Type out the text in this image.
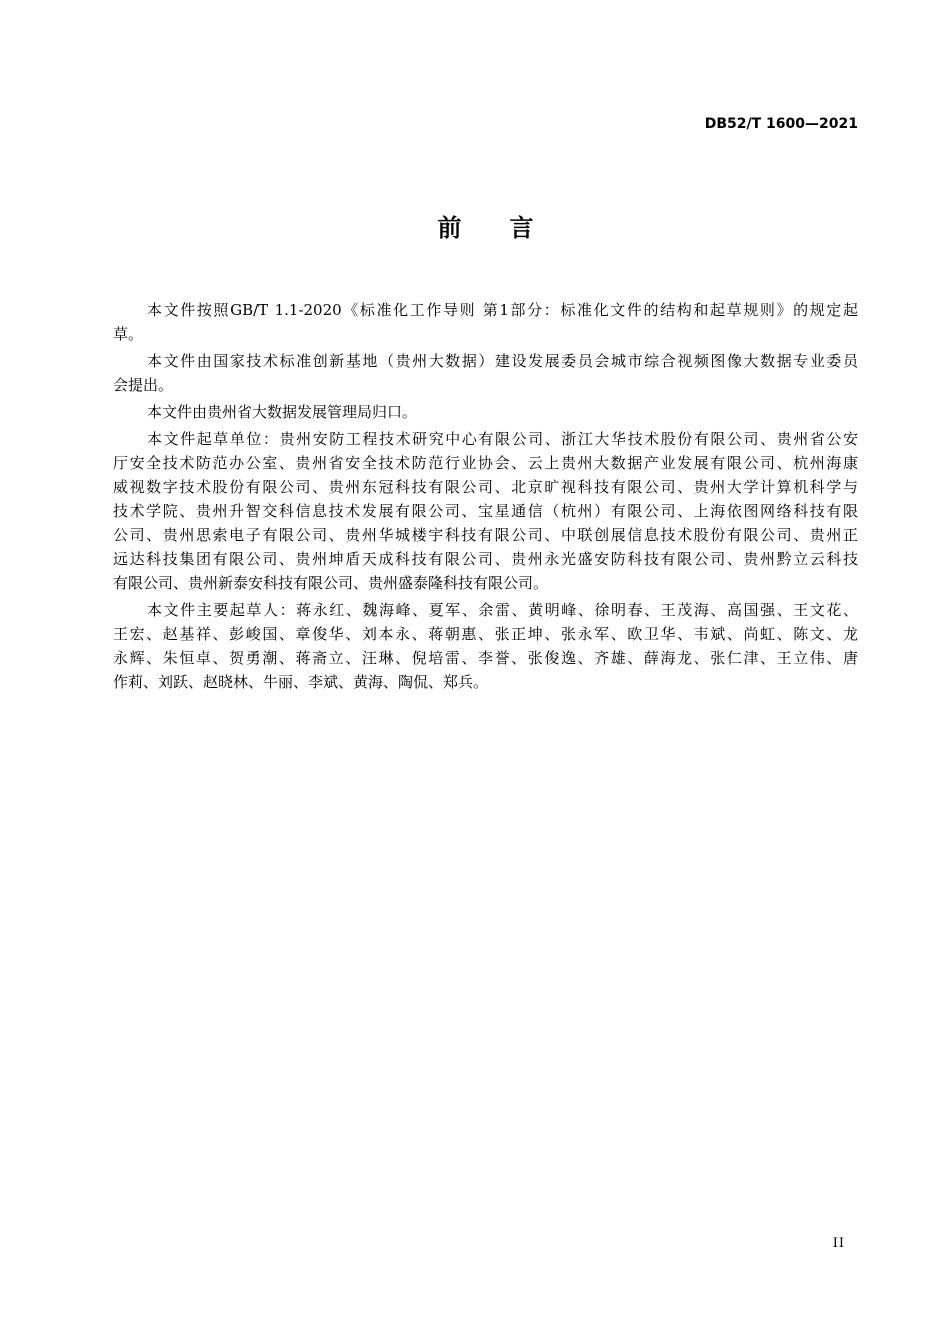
DB52/T 1600—2021
前　　言
本文件按照GB/T 1.1-2020《标准化工作导则 第1部分：标准化文件的结构和起草规则》的规定起
草。
本文件由国家技术标准创新基地（贵州大数据）建设发展委员会城市综合视频图像大数据专业委员
会提出。
本文件由贵州省大数据发展管理局归口。
本文件起草单位：贵州安防工程技术研究中心有限公司、浙江大华技术股份有限公司、贵州省公安
厅安全技术防范办公室、贵州省安全技术防范行业协会、云上贵州大数据产业发展有限公司、杭州海康
威视数字技术股份有限公司、贵州东冠科技有限公司、北京旷视科技有限公司、贵州大学计算机科学与
技术学院、贵州升智交科信息技术发展有限公司、宝星通信（杭州）有限公司、上海依图网络科技有限
公司、贵州思索电子有限公司、贵州华城楼宇科技有限公司、中联创展信息技术股份有限公司、贵州正
远达科技集团有限公司、贵州坤盾天成科技有限公司、贵州永光盛安防科技有限公司、贵州黔立云科技
有限公司、贵州新泰安科技有限公司、贵州盛泰隆科技有限公司。
本文件主要起草人：蒋永红、魏海峰、夏军、余雷、黄明峰、徐明春、王茂海、高国强、王文花、
王宏、赵基祥、彭峻国、章俊华、刘本永、蒋朝惠、张正坤、张永军、欧卫华、韦斌、尚虹、陈文、龙
永辉、朱恒卓、贺勇潮、蒋斋立、汪琳、倪培雷、李誉、张俊逸、齐雄、薛海龙、张仁津、王立伟、唐
作莉、刘跃、赵晓林、牛丽、李斌、黄海、陶侃、郑兵。
II
